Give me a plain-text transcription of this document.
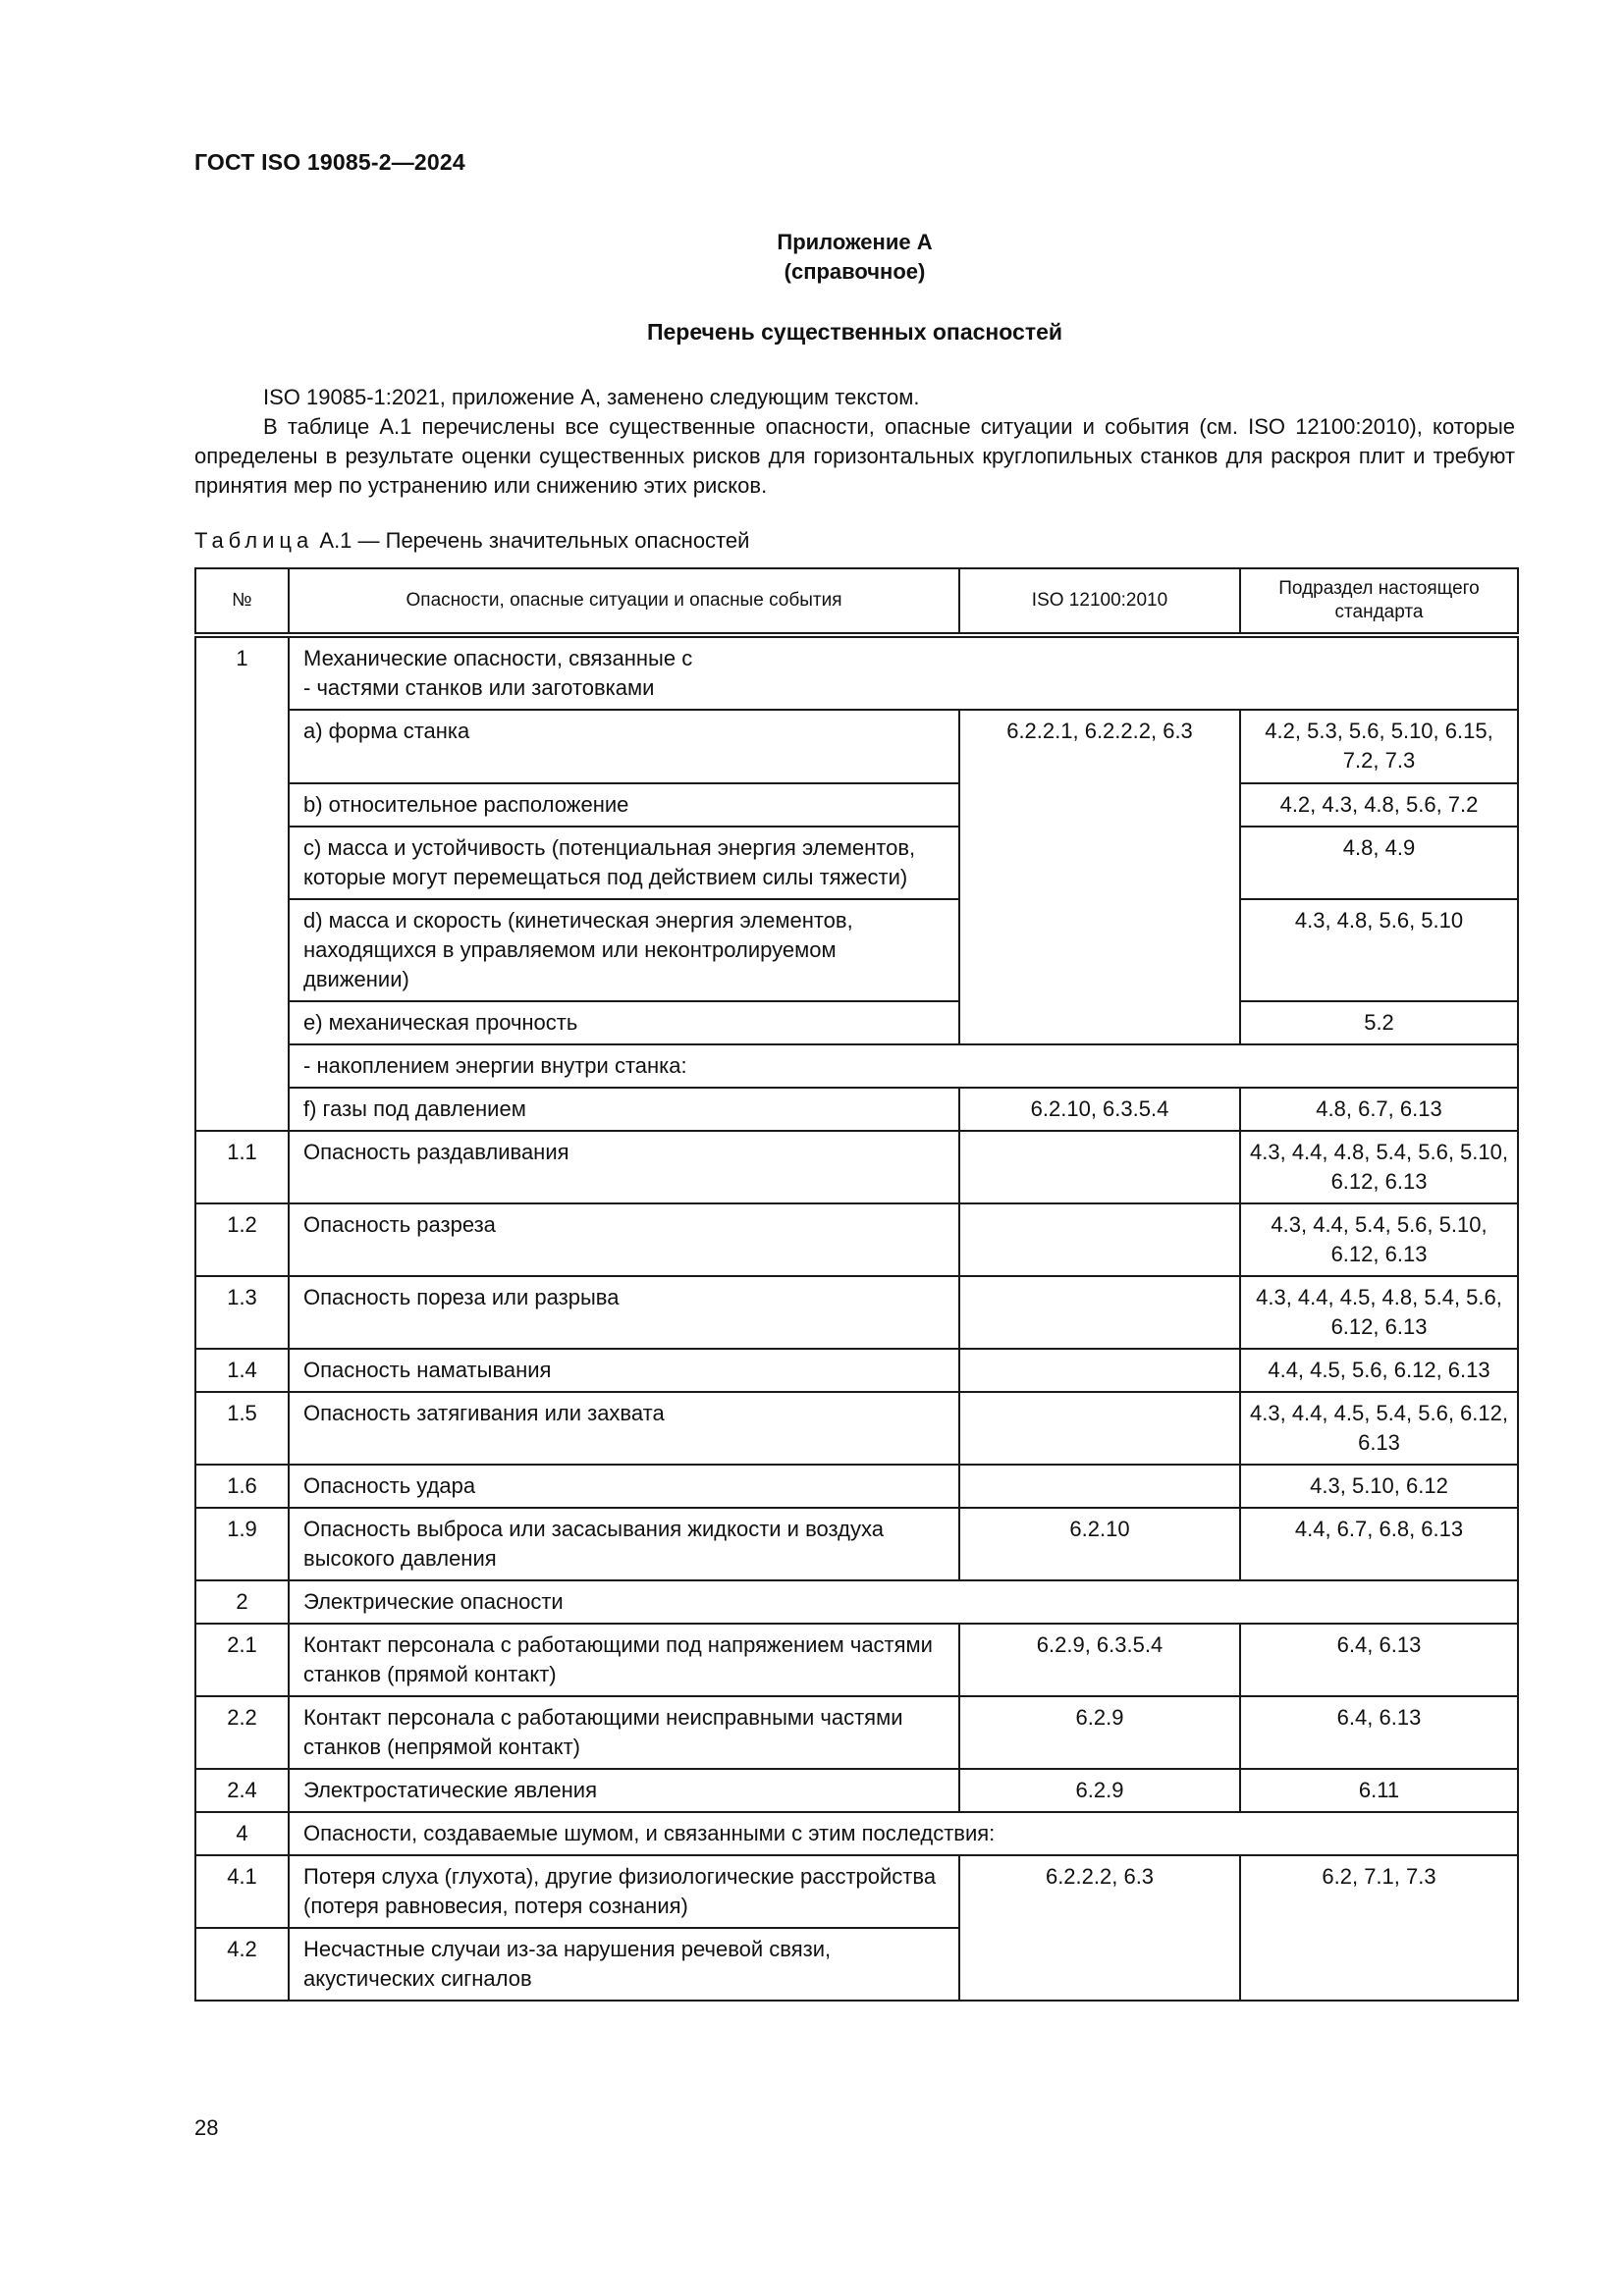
ГОСТ ISO 19085-2—2024
Приложение А
(справочное)
Перечень существенных опасностей

ISO 19085-1:2021, приложение А, заменено следующим текстом.

В таблице А.1 перечислены все существенные опасности, опасные ситуации и события (см. ISO 12100:2010), которые определены в результате оценки существенных рисков для горизонтальных круглопильных станков для раскроя плит и требуют принятия мер по устранению или снижению этих рисков.

Таблица А.1 — Перечень значительных опасностей
№	Опасности, опасные ситуации и опасные события	ISO 12100:2010	Подраздел настоящего стандарта
1	Механические опасности, связанные с
- частями станков или заготовками		

	a) форма станка	6.2.2.1, 6.2.2.2, 6.3	4.2, 5.3, 5.6, 5.10, 6.15, 7.2, 7.3
	b) относительное расположение		4.2, 4.3, 4.8, 5.6, 7.2
	c) масса и устойчивость (потенциальная энергия элементов, которые могут перемещаться под действием силы тяжести)		4.8, 4.9
	d) масса и скорость (кинетическая энергия элементов, находящихся в управляемом или неконтролируемом движении)		4.3, 4.8, 5.6, 5.10
	e) механическая прочность		5.2
	- накоплением энергии внутри станка:		
	f) газы под давлением	6.2.10, 6.3.5.4	4.8, 6.7, 6.13
1.1	Опасность раздавливания		4.3, 4.4, 4.8, 5.4, 5.6, 5.10, 6.12, 6.13
1.2	Опасность разреза		4.3, 4.4, 5.4, 5.6, 5.10, 6.12, 6.13
1.3	Опасность пореза или разрыва		4.3, 4.4, 4.5, 4.8, 5.4, 5.6, 6.12, 6.13
1.4	Опасность наматывания		4.4, 4.5, 5.6, 6.12, 6.13
1.5	Опасность затягивания или захвата		4.3, 4.4, 4.5, 5.4, 5.6, 6.12, 6.13
1.6	Опасность удара		4.3, 5.10, 6.12
1.9	Опасность выброса или засасывания жидкости и воздуха высокого давления	6.2.10	4.4, 6.7, 6.8, 6.13
2	Электрические опасности		
2.1	Контакт персонала с работающими под напряжением частями станков (прямой контакт)	6.2.9, 6.3.5.4	6.4, 6.13
2.2	Контакт персонала с работающими неисправными частями станков (непрямой контакт)	6.2.9	6.4, 6.13
2.4	Электростатические явления	6.2.9	6.11
4	Опасности, создаваемые шумом, и связанными с этим последствия:		
4.1	Потеря слуха (глухота), другие физиологические расстройства (потеря равновесия, потеря сознания)	6.2.2.2, 6.3	6.2, 7.1, 7.3
4.2	Несчастные случаи из-за нарушения речевой связи, акустических сигналов		
28
